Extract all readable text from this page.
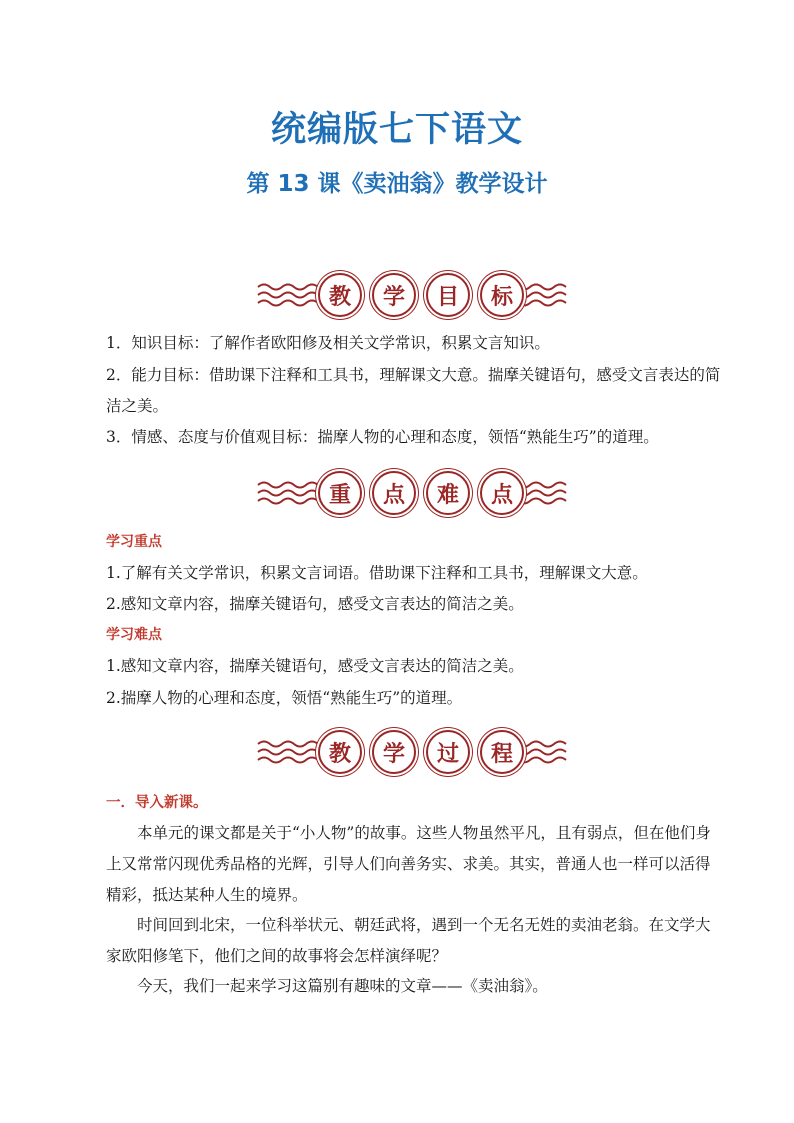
统编版七下语文
第 13 课《卖油翁》教学设计
教	学	目	标

1．知识目标：了解作者欧阳修及相关文学常识，积累文言知识。

2．能力目标：借助课下注释和工具书，理解课文大意。揣摩关键语句，感受文言表达的简洁之美。

3．情感、态度与价值观目标：揣摩人物的心理和态度，领悟“熟能生巧”的道理。

重	点	难	点
学习重点

1.了解有关文学常识，积累文言词语。借助课下注释和工具书，理解课文大意。

2.感知文章内容，揣摩关键语句，感受文言表达的简洁之美。

学习难点

1.感知文章内容，揣摩关键语句，感受文言表达的简洁之美。

2.揣摩人物的心理和态度，领悟“熟能生巧”的道理。

教	学	过	程
一．导入新课。

本单元的课文都是关于“小人物”的故事。这些人物虽然平凡，且有弱点，但在他们身上又常常闪现优秀品格的光辉，引导人们向善务实、求美。其实，普通人也一样可以活得精彩，抵达某种人生的境界。

时间回到北宋，一位科举状元、朝廷武将，遇到一个无名无姓的卖油老翁。在文学大家欧阳修笔下，他们之间的故事将会怎样演绎呢？

今天，我们一起来学习这篇别有趣味的文章——《卖油翁》。
